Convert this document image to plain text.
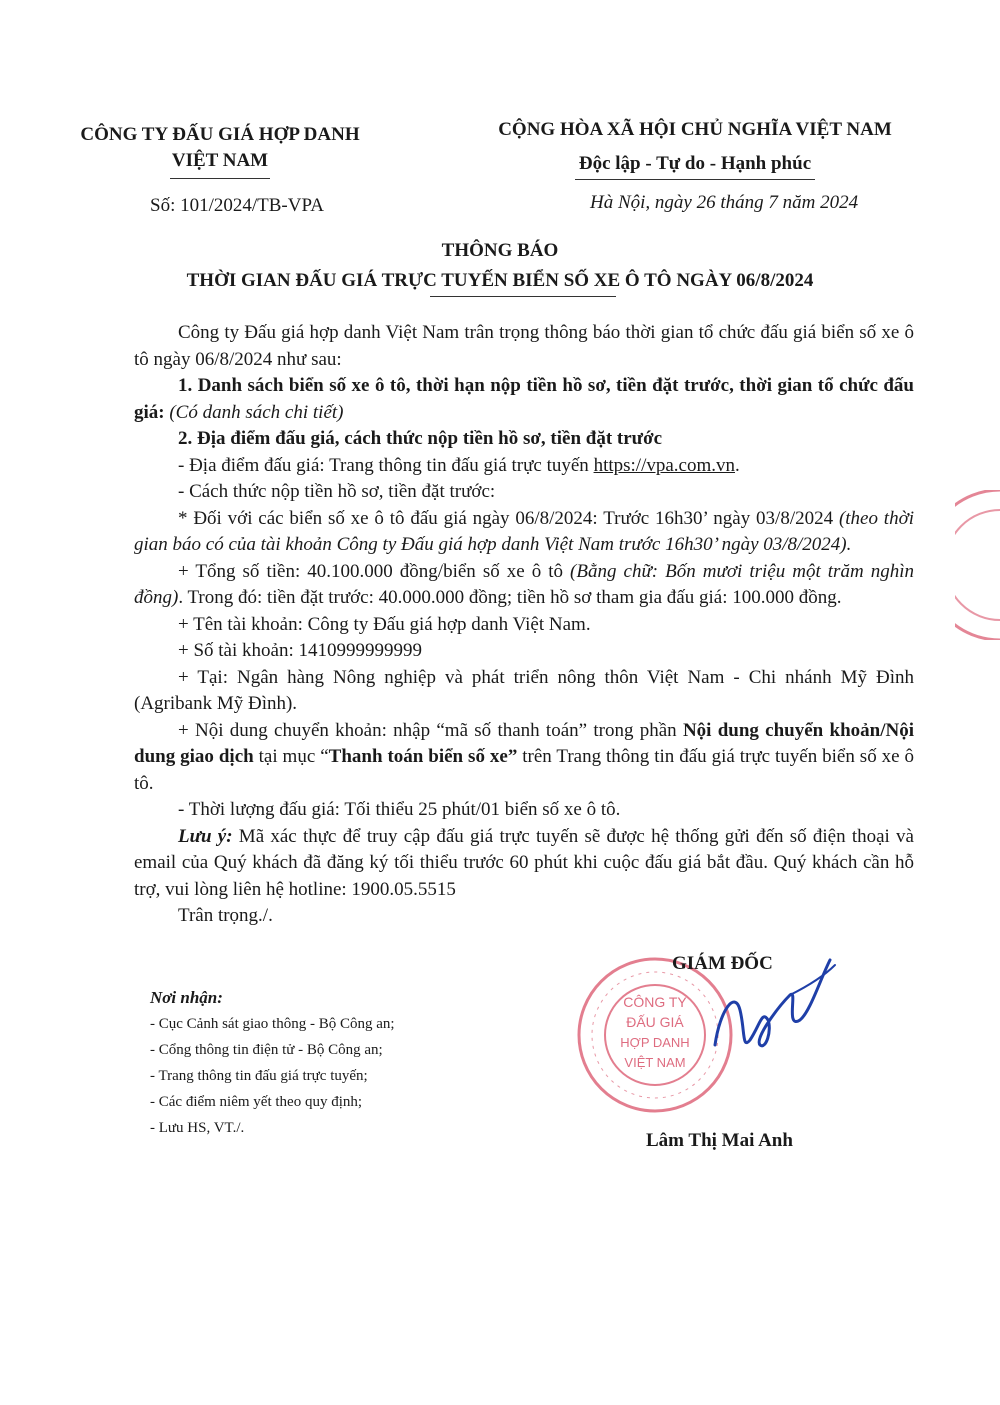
CÔNG TY ĐẤU GIÁ HỢP DANH
VIỆT NAM
CỘNG HÒA XÃ HỘI CHỦ NGHĨA VIỆT NAM
Độc lập - Tự do - Hạnh phúc
Số: 101/2024/TB-VPA	Hà Nội, ngày 26 tháng 7 năm 2024
THÔNG BÁO
THỜI GIAN ĐẤU GIÁ TRỰC TUYẾN BIỂN SỐ XE Ô TÔ NGÀY 06/8/2024

Công ty Đấu giá hợp danh Việt Nam trân trọng thông báo thời gian tổ chức đấu giá biển số xe ô tô ngày 06/8/2024 như sau:

1. Danh sách biển số xe ô tô, thời hạn nộp tiền hồ sơ, tiền đặt trước, thời gian tổ chức đấu giá: (Có danh sách chi tiết)

2. Địa điểm đấu giá, cách thức nộp tiền hồ sơ, tiền đặt trước

- Địa điểm đấu giá: Trang thông tin đấu giá trực tuyến https://vpa.com.vn.

- Cách thức nộp tiền hồ sơ, tiền đặt trước:

* Đối với các biển số xe ô tô đấu giá ngày 06/8/2024: Trước 16h30’ ngày 03/8/2024 (theo thời gian báo có của tài khoản Công ty Đấu giá hợp danh Việt Nam trước 16h30’ ngày 03/8/2024).

+ Tổng số tiền: 40.100.000 đồng/biển số xe ô tô (Bằng chữ: Bốn mươi triệu một trăm nghìn đồng). Trong đó: tiền đặt trước: 40.000.000 đồng; tiền hồ sơ tham gia đấu giá: 100.000 đồng.

+ Tên tài khoản: Công ty Đấu giá hợp danh Việt Nam.

+ Số tài khoản: 1410999999999

+ Tại: Ngân hàng Nông nghiệp và phát triển nông thôn Việt Nam - Chi nhánh Mỹ Đình (Agribank Mỹ Đình).

+ Nội dung chuyển khoản: nhập “mã số thanh toán” trong phần Nội dung chuyển khoản/Nội dung giao dịch tại mục “Thanh toán biển số xe” trên Trang thông tin đấu giá trực tuyến biển số xe ô tô.

- Thời lượng đấu giá: Tối thiểu 25 phút/01 biển số xe ô tô.

Lưu ý: Mã xác thực để truy cập đấu giá trực tuyến sẽ được hệ thống gửi đến số điện thoại và email của Quý khách đã đăng ký tối thiểu trước 60 phút khi cuộc đấu giá bắt đầu. Quý khách cần hỗ trợ, vui lòng liên hệ hotline: 1900.05.5515

Trân trọng./.

Nơi nhận:
- Cục Cảnh sát giao thông - Bộ Công an;
- Cổng thông tin điện tử - Bộ Công an;
- Trang thông tin đấu giá trực tuyến;
- Các điểm niêm yết theo quy định;
- Lưu HS, VT./.
CÔNG TY
ĐẤU GIÁ
HỢP DANH
VIỆT NAM
GIÁM ĐỐC
Lâm Thị Mai Anh
